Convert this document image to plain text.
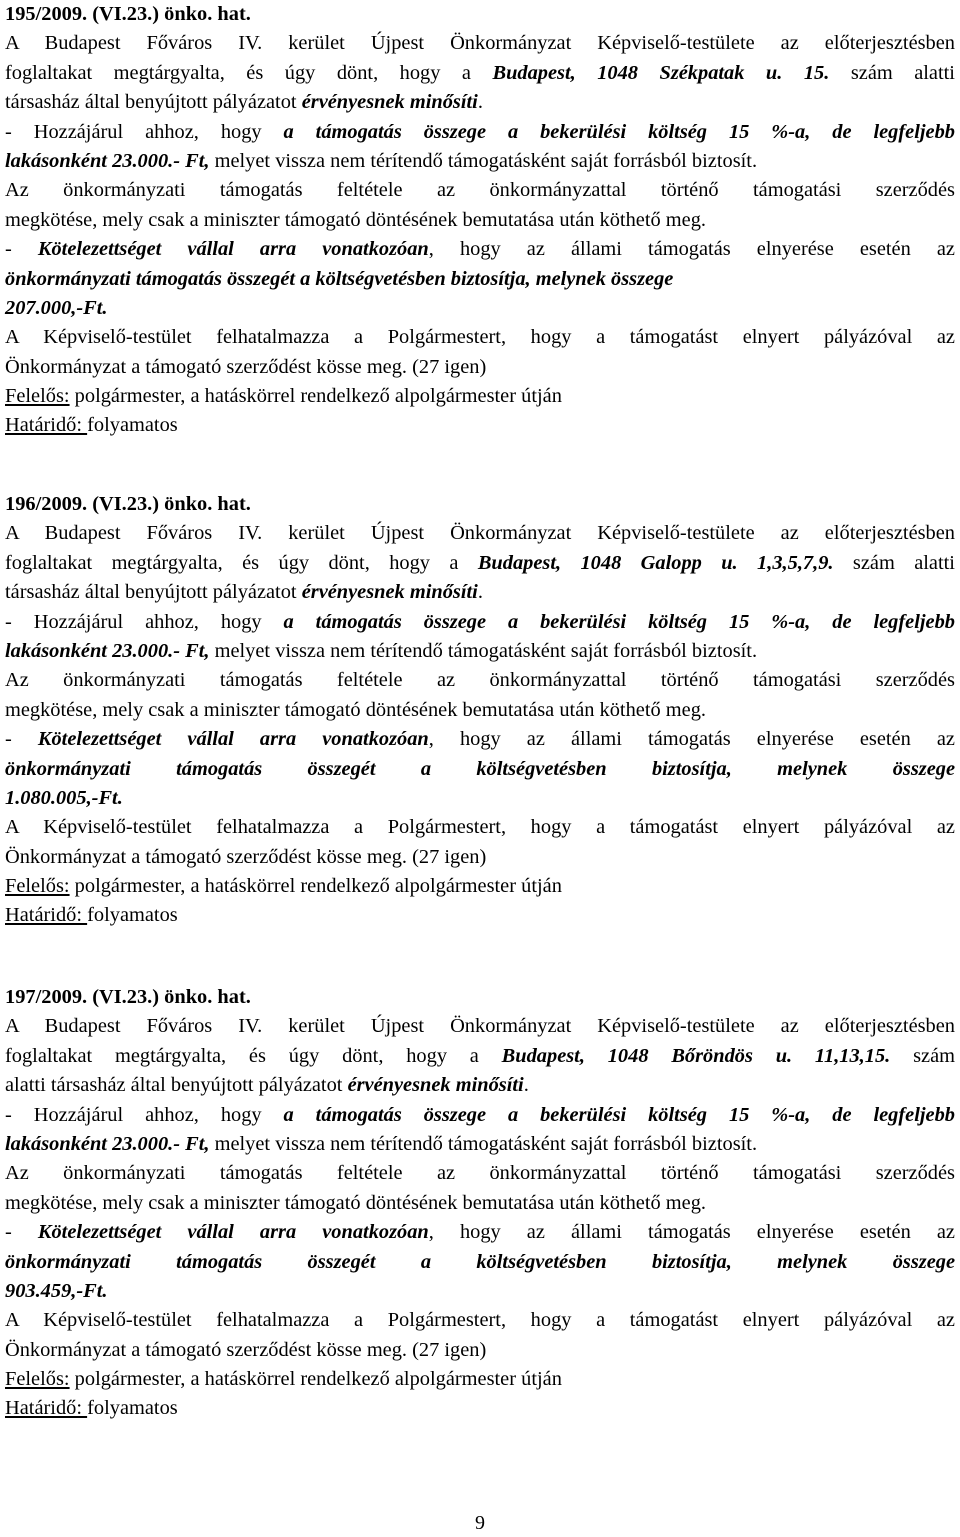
195/2009. (VI.23.) önko. hat.
A Budapest Főváros IV. kerület Újpest Önkormányzat Képviselő-testülete az előterjesztésben
foglaltakat megtárgyalta, és úgy dönt, hogy a Budapest, 1048 Székpatak u. 15. szám alatti
társasház által benyújtott pályázatot érvényesnek minősíti.
- Hozzájárul ahhoz, hogy a támogatás összege a bekerülési költség 15 %-a, de legfeljebb
lakásonként 23.000.- Ft, melyet vissza nem térítendő támogatásként saját forrásból biztosít.
Az önkormányzati támogatás feltétele az önkormányzattal történő támogatási szerződés
megkötése, mely csak a miniszter támogató döntésének bemutatása után köthető meg.
- Kötelezettséget vállal arra vonatkozóan, hogy az állami támogatás elnyerése esetén az
önkormányzati támogatás összegét a költségvetésben biztosítja, melynek összege
207.000,-Ft.
A Képviselő-testület felhatalmazza a Polgármestert, hogy a támogatást elnyert pályázóval az
Önkormányzat a támogató szerződést kösse meg. (27 igen)
Felelős: polgármester, a hatáskörrel rendelkező alpolgármester útján
Határidő: folyamatos
196/2009. (VI.23.) önko. hat.
A Budapest Főváros IV. kerület Újpest Önkormányzat Képviselő-testülete az előterjesztésben
foglaltakat megtárgyalta, és úgy dönt, hogy a Budapest, 1048 Galopp u. 1,3,5,7,9. szám alatti
társasház által benyújtott pályázatot érvényesnek minősíti.
- Hozzájárul ahhoz, hogy a támogatás összege a bekerülési költség 15 %-a, de legfeljebb
lakásonként 23.000.- Ft, melyet vissza nem térítendő támogatásként saját forrásból biztosít.
Az önkormányzati támogatás feltétele az önkormányzattal történő támogatási szerződés
megkötése, mely csak a miniszter támogató döntésének bemutatása után köthető meg.
- Kötelezettséget vállal arra vonatkozóan, hogy az állami támogatás elnyerése esetén az
önkormányzati támogatás összegét a költségvetésben biztosítja, melynek összege
1.080.005,-Ft.
A Képviselő-testület felhatalmazza a Polgármestert, hogy a támogatást elnyert pályázóval az
Önkormányzat a támogató szerződést kösse meg. (27 igen)
Felelős: polgármester, a hatáskörrel rendelkező alpolgármester útján
Határidő: folyamatos
197/2009. (VI.23.) önko. hat.
A Budapest Főváros IV. kerület Újpest Önkormányzat Képviselő-testülete az előterjesztésben
foglaltakat megtárgyalta, és úgy dönt, hogy a Budapest, 1048 Bőröndös u. 11,13,15. szám
alatti társasház által benyújtott pályázatot érvényesnek minősíti.
- Hozzájárul ahhoz, hogy a támogatás összege a bekerülési költség 15 %-a, de legfeljebb
lakásonként 23.000.- Ft, melyet vissza nem térítendő támogatásként saját forrásból biztosít.
Az önkormányzati támogatás feltétele az önkormányzattal történő támogatási szerződés
megkötése, mely csak a miniszter támogató döntésének bemutatása után köthető meg.
- Kötelezettséget vállal arra vonatkozóan, hogy az állami támogatás elnyerése esetén az
önkormányzati támogatás összegét a költségvetésben biztosítja, melynek összege
903.459,-Ft.
A Képviselő-testület felhatalmazza a Polgármestert, hogy a támogatást elnyert pályázóval az
Önkormányzat a támogató szerződést kösse meg. (27 igen)
Felelős: polgármester, a hatáskörrel rendelkező alpolgármester útján
Határidő: folyamatos
9
